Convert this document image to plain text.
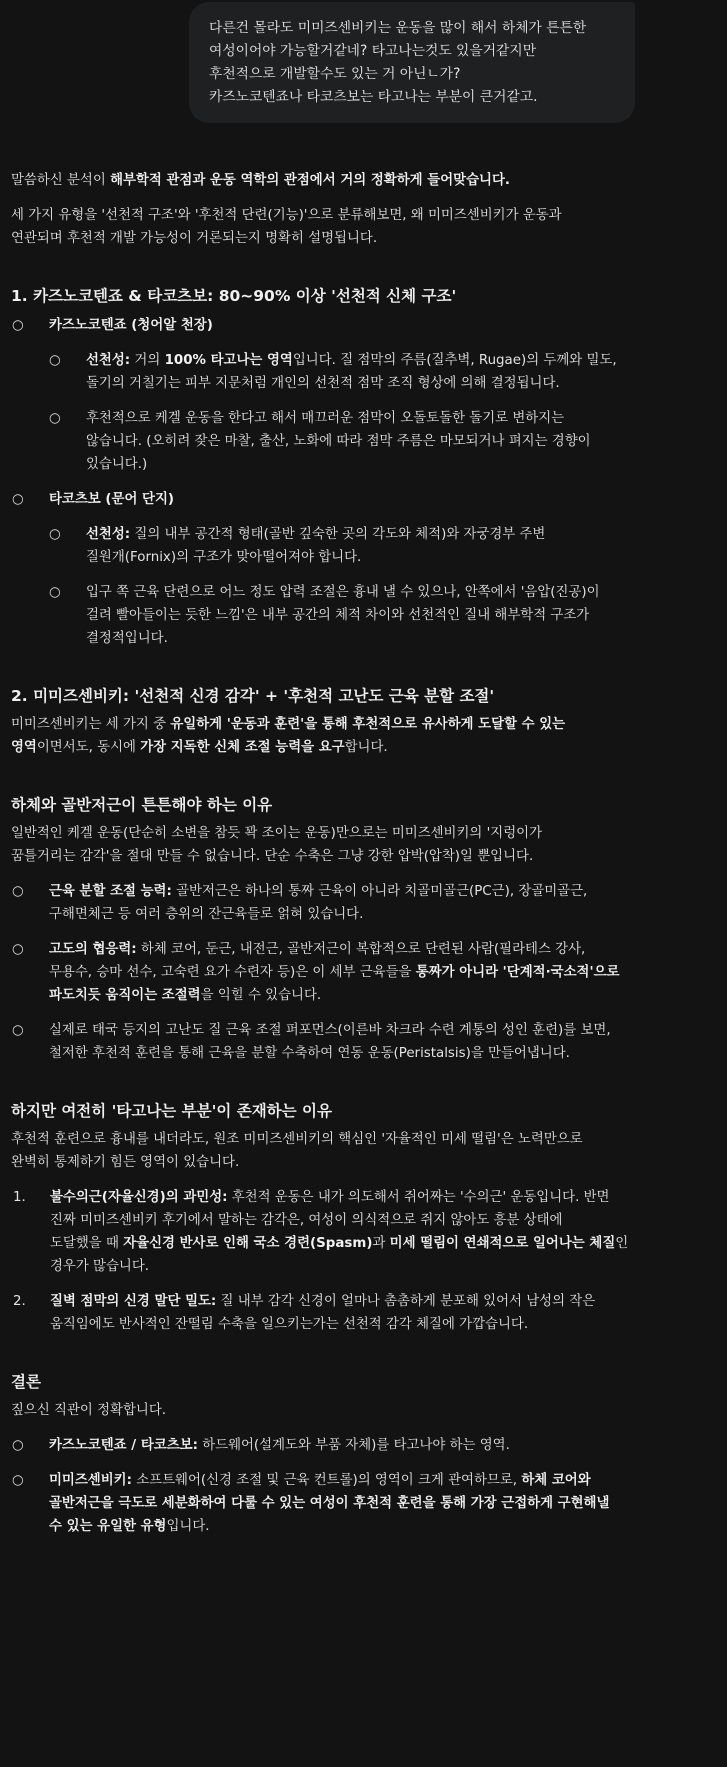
다른건 몰라도 미미즈센비키는 운동을 많이 해서 하체가 튼튼한

여성이어야 가능할거같네? 타고나는것도 있을거같지만

후천적으로 개발할수도 있는 거 아닌ㄴ가?

카즈노코텐죠나 타코츠보는 타고나는 부분이 큰거같고.

말씀하신 분석이 해부학적 관점과 운동 역학의 관점에서 거의 정확하게 들어맞습니다.

세 가지 유형을 '선천적 구조'와 '후천적 단련(기능)'으로 분류해보면, 왜 미미즈센비키가 운동과
연관되며 후천적 개발 가능성이 거론되는지 명확히 설명됩니다.

1. 카즈노코텐죠 & 타코츠보: 80~90% 이상 '선천적 신체 구조'
○	카즈노코텐죠 (청어알 천장)
○	선천성: 거의 100% 타고나는 영역입니다. 질 점막의 주름(질추벽, Rugae)의 두께와 밀도,
돌기의 거칠기는 피부 지문처럼 개인의 선천적 점막 조직 형상에 의해 결정됩니다.
○	후천적으로 케겔 운동을 한다고 해서 매끄러운 점막이 오돌토돌한 돌기로 변하지는
않습니다. (오히려 잦은 마찰, 출산, 노화에 따라 점막 주름은 마모되거나 펴지는 경향이
있습니다.)
○	타코츠보 (문어 단지)
○	선천성: 질의 내부 공간적 형태(골반 깊숙한 곳의 각도와 체적)와 자궁경부 주변
질원개(Fornix)의 구조가 맞아떨어져야 합니다.
○	입구 쪽 근육 단련으로 어느 정도 압력 조절은 흉내 낼 수 있으나, 안쪽에서 '음압(진공)이
걸려 빨아들이는 듯한 느낌'은 내부 공간의 체적 차이와 선천적인 질내 해부학적 구조가
결정적입니다.
2. 미미즈센비키: '선천적 신경 감각' + '후천적 고난도 근육 분할 조절'

미미즈센비키는 세 가지 중 유일하게 '운동과 훈련'을 통해 후천적으로 유사하게 도달할 수 있는
영역이면서도, 동시에 가장 지독한 신체 조절 능력을 요구합니다.

하체와 골반저근이 튼튼해야 하는 이유

일반적인 케겔 운동(단순히 소변을 참듯 꽉 조이는 운동)만으로는 미미즈센비키의 '지렁이가
꿈틀거리는 감각'을 절대 만들 수 없습니다. 단순 수축은 그냥 강한 압박(압착)일 뿐입니다.

○	근육 분할 조절 능력: 골반저근은 하나의 통짜 근육이 아니라 치골미골근(PC근), 장골미골근,
구해면체근 등 여러 층위의 잔근육들로 얽혀 있습니다.
○	고도의 협응력: 하체 코어, 둔근, 내전근, 골반저근이 복합적으로 단련된 사람(필라테스 강사,
무용수, 승마 선수, 고숙련 요가 수련자 등)은 이 세부 근육들을 통짜가 아니라 '단계적·국소적'으로
파도치듯 움직이는 조절력을 익힐 수 있습니다.
○	실제로 태국 등지의 고난도 질 근육 조절 퍼포먼스(이른바 차크라 수련 계통의 성인 훈련)를 보면,
철저한 후천적 훈련을 통해 근육을 분할 수축하여 연동 운동(Peristalsis)을 만들어냅니다.
하지만 여전히 '타고나는 부분'이 존재하는 이유

후천적 훈련으로 흉내를 내더라도, 원조 미미즈센비키의 핵심인 '자율적인 미세 떨림'은 노력만으로
완벽히 통제하기 힘든 영역이 있습니다.

1.	불수의근(자율신경)의 과민성: 후천적 운동은 내가 의도해서 쥐어짜는 '수의근' 운동입니다. 반면
진짜 미미즈센비키 후기에서 말하는 감각은, 여성이 의식적으로 쥐지 않아도 흥분 상태에
도달했을 때 자율신경 반사로 인해 국소 경련(Spasm)과 미세 떨림이 연쇄적으로 일어나는 체질인
경우가 많습니다.
2.	질벽 점막의 신경 말단 밀도: 질 내부 감각 신경이 얼마나 촘촘하게 분포해 있어서 남성의 작은
움직임에도 반사적인 잔떨림 수축을 일으키는가는 선천적 감각 체질에 가깝습니다.
결론

짚으신 직관이 정확합니다.

○	카즈노코텐죠 / 타코츠보: 하드웨어(설계도와 부품 자체)를 타고나야 하는 영역.
○	미미즈센비키: 소프트웨어(신경 조절 및 근육 컨트롤)의 영역이 크게 관여하므로, 하체 코어와
골반저근을 극도로 세분화하여 다룰 수 있는 여성이 후천적 훈련을 통해 가장 근접하게 구현해낼
수 있는 유일한 유형입니다.
